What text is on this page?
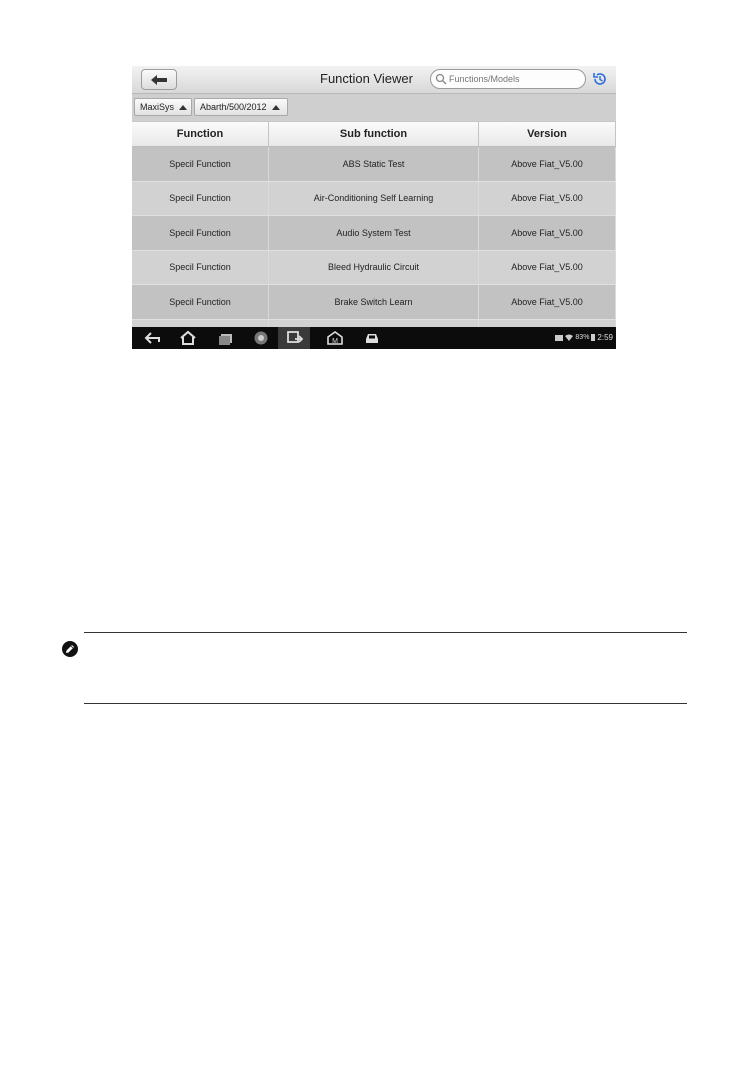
Function Viewer
Functions/Models
MaxiSys	Abarth/500/2012
Function	Sub function	Version
Specil Function	ABS Static Test	Above Fiat_V5.00
Specil Function	Air-Conditioning Self Learning	Above Fiat_V5.00
Specil Function	Audio System Test	Above Fiat_V5.00
Specil Function	Bleed Hydraulic Circuit	Above Fiat_V5.00
Specil Function	Brake Switch Learn	Above Fiat_V5.00
M
83% 2:59
